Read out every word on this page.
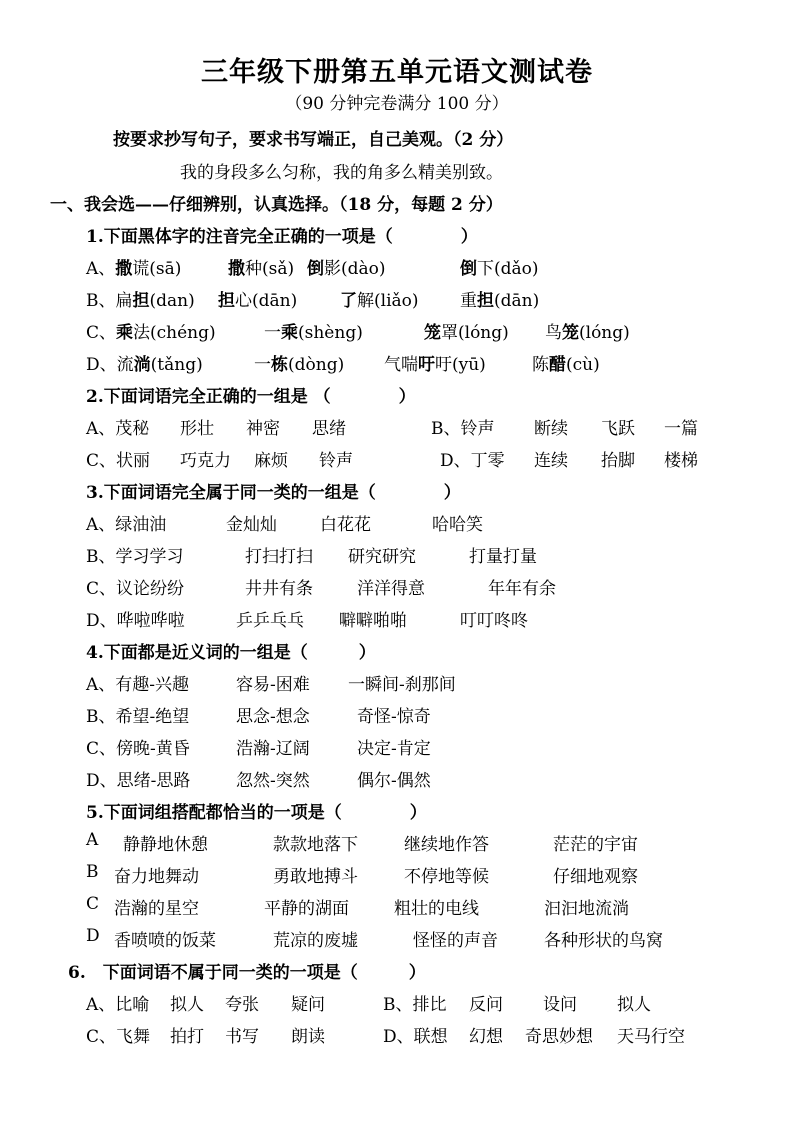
三年级下册第五单元语文测试卷
（90 分钟完卷满分 100 分）
按要求抄写句子，要求书写端正，自己美观。（2 分）
我的身段多么匀称，我的角多么精美别致。
一、我会选——仔细辨别，认真选择。（18 分，每题 2 分）
1.下面黑体字的注音完全正确的一项是（　　　　）
A、撒谎(sā)	撒种(sǎ) 倒影(dào)	倒下(dǎo)
B、扁担(dan) 担心(dān)	了解(liǎo) 重担(dān)
C、乘法(chéng)	一乘(shèng)	笼罩(lóng) 鸟笼(lóng)
D、流淌(tǎng)	一栋(dòng) 气喘吁吁(yū)	陈醋(cù)
2.下面词语完全正确的一组是 （　　　　）
A、茂秘 形壮 神密 思绪	B、铃声 断续 飞跃 一篇
C、状丽 巧克力 麻烦 铃声	D、丁零 连续 抬脚 楼梯
3.下面词语完全属于同一类的一组是（　　　　）
A、绿油油	金灿灿	白花花	哈哈笑
B、学习学习	打扫打扫 研究研究	打量打量
C、议论纷纷	井井有条	洋洋得意	年年有余
D、哗啦哗啦	乒乒乓乓 噼噼啪啪	叮叮咚咚
4.下面都是近义词的一组是（　　　）
A、有趣-兴趣	容易-困难 一瞬间-刹那间
B、希望-绝望	思念-想念	奇怪-惊奇
C、傍晚-黄昏	浩瀚-辽阔	决定-肯定
D、思绪-思路	忽然-突然	偶尔-偶然
5.下面词组搭配都恰当的一项是（　　　　）
A 静静地休憩	款款地落下	继续地作答	茫茫的宇宙
B 奋力地舞动	勇敢地搏斗	不停地等候	仔细地观察
C 浩瀚的星空	平静的湖面	粗壮的电线	汩汩地流淌
D 香喷喷的饭菜	荒凉的废墟	怪怪的声音	各种形状的鸟窝
6.　下面词语不属于同一类的一项是（　　　）
A、比喻 拟人 夸张 疑问	B、排比 反问 设问 拟人
C、飞舞 拍打 书写 朗读	D、联想 幻想 奇思妙想 天马行空
